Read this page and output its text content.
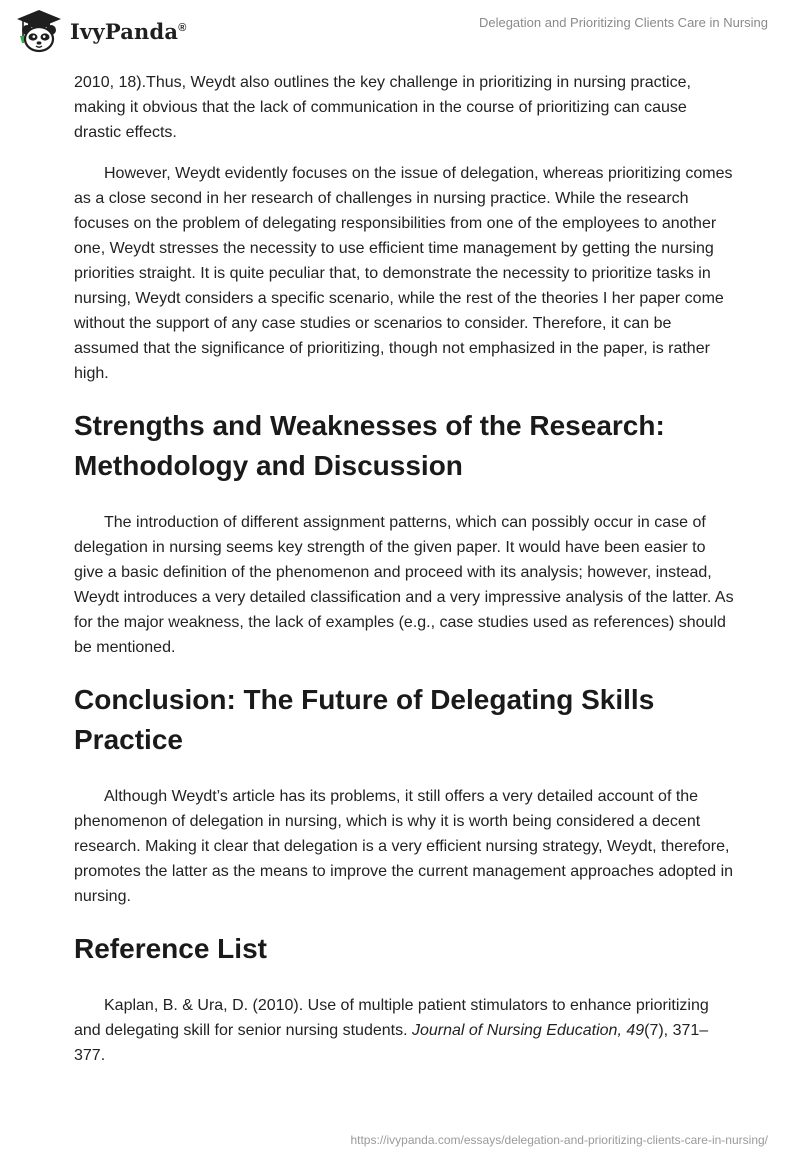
IvyPanda®	Delegation and Prioritizing Clients Care in Nursing

2010, 18).Thus, Weydt also outlines the key challenge in prioritizing in nursing practice, making it obvious that the lack of communication in the course of prioritizing can cause drastic effects.

However, Weydt evidently focuses on the issue of delegation, whereas prioritizing comes as a close second in her research of challenges in nursing practice. While the research focuses on the problem of delegating responsibilities from one of the employees to another one, Weydt stresses the necessity to use efficient time management by getting the nursing priorities straight. It is quite peculiar that, to demonstrate the necessity to prioritize tasks in nursing, Weydt considers a specific scenario, while the rest of the theories I her paper come without the support of any case studies or scenarios to consider. Therefore, it can be assumed that the significance of prioritizing, though not emphasized in the paper, is rather high.

Strengths and Weaknesses of the Research: Methodology and Discussion

The introduction of different assignment patterns, which can possibly occur in case of delegation in nursing seems key strength of the given paper. It would have been easier to give a basic definition of the phenomenon and proceed with its analysis; however, instead, Weydt introduces a very detailed classification and a very impressive analysis of the latter. As for the major weakness, the lack of examples (e.g., case studies used as references) should be mentioned.

Conclusion: The Future of Delegating Skills Practice

Although Weydt’s article has its problems, it still offers a very detailed account of the phenomenon of delegation in nursing, which is why it is worth being considered a decent research. Making it clear that delegation is a very efficient nursing strategy, Weydt, therefore, promotes the latter as the means to improve the current management approaches adopted in nursing.

Reference List

Kaplan, B. & Ura, D. (2010). Use of multiple patient stimulators to enhance prioritizing and delegating skill for senior nursing students. Journal of Nursing Education, 49(7), 371–377.

https://ivypanda.com/essays/delegation-and-prioritizing-clients-care-in-nursing/
